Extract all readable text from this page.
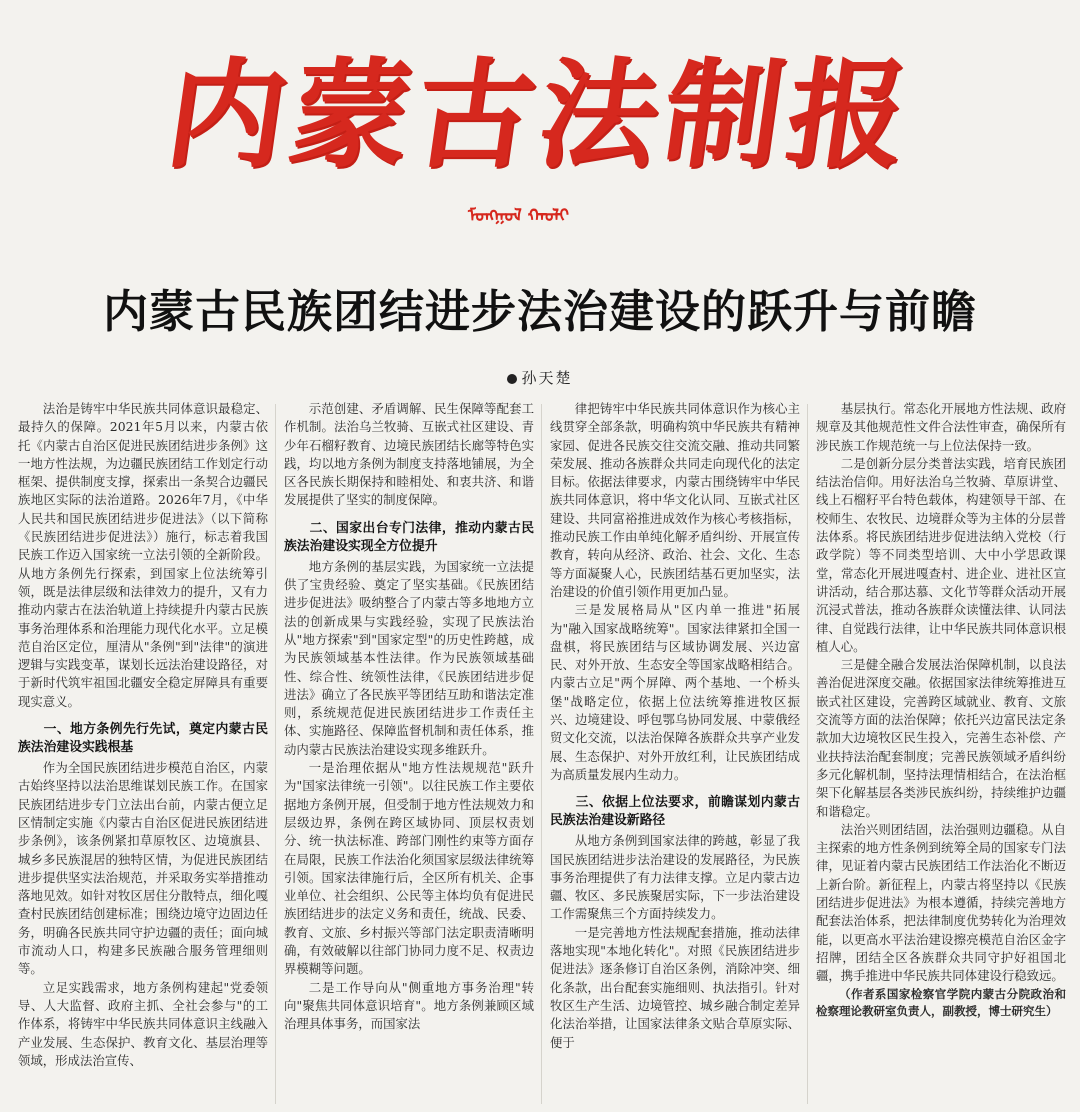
内蒙古法制报
ᠮᠣᠩᠭᠣᠯ ᠬᠠᠤᠯᠢ
内蒙古民族团结进步法治建设的跃升与前瞻
孙天楚

法治是铸牢中华民族共同体意识最稳定、最持久的保障。2021年5月以来，内蒙古依托《内蒙古自治区促进民族团结进步条例》这一地方性法规，为边疆民族团结工作划定行动框架、提供制度支撑，探索出一条契合边疆民族地区实际的法治道路。2026年7月，《中华人民共和国民族团结进步促进法》（以下简称《民族团结进步促进法》）施行，标志着我国民族工作迈入国家统一立法引领的全新阶段。从地方条例先行探索，到国家上位法统筹引领，既是法律层级和法律效力的提升，又有力推动内蒙古在法治轨道上持续提升内蒙古民族事务治理体系和治理能力现代化水平。立足模范自治区定位，厘清从"条例"到"法律"的演进逻辑与实践变革，谋划长远法治建设路径，对于新时代筑牢祖国北疆安全稳定屏障具有重要现实意义。

一、地方条例先行先试，奠定内蒙古民族法治建设实践根基

作为全国民族团结进步模范自治区，内蒙古始终坚持以法治思维谋划民族工作。在国家民族团结进步专门立法出台前，内蒙古便立足区情制定实施《内蒙古自治区促进民族团结进步条例》，该条例紧扣草原牧区、边境旗县、城乡多民族混居的独特区情，为促进民族团结进步提供坚实法治规范，并采取务实举措推动落地见效。如针对牧区居住分散特点，细化嘎查村民族团结创建标准；围绕边境守边固边任务，明确各民族共同守护边疆的责任；面向城市流动人口，构建多民族融合服务管理细则等。

立足实践需求，地方条例构建起"党委领导、人大监督、政府主抓、全社会参与"的工作体系，将铸牢中华民族共同体意识主线融入产业发展、生态保护、教育文化、基层治理等领域，形成法治宣传、

示范创建、矛盾调解、民生保障等配套工作机制。法治乌兰牧骑、互嵌式社区建设、青少年石榴籽教育、边境民族团结长廊等特色实践，均以地方条例为制度支持落地铺展，为全区各民族长期保持和睦相处、和衷共济、和谐发展提供了坚实的制度保障。

二、国家出台专门法律，推动内蒙古民族法治建设实现全方位提升

地方条例的基层实践，为国家统一立法提供了宝贵经验、奠定了坚实基础。《民族团结进步促进法》吸纳整合了内蒙古等多地地方立法的创新成果与实践经验，实现了民族法治从"地方探索"到"国家定型"的历史性跨越，成为民族领域基本性法律。作为民族领域基础性、综合性、统领性法律，《民族团结进步促进法》确立了各民族平等团结互助和谐法定准则，系统规范促进民族团结进步工作责任主体、实施路径、保障监督机制和责任体系，推动内蒙古民族法治建设实现多维跃升。

一是治理依据从"地方性法规规范"跃升为"国家法律统一引领"。以往民族工作主要依据地方条例开展，但受制于地方性法规效力和层级边界，条例在跨区域协同、顶层权责划分、统一执法标准、跨部门刚性约束等方面存在局限，民族工作法治化须国家层级法律统筹引领。国家法律施行后，全区所有机关、企事业单位、社会组织、公民等主体均负有促进民族团结进步的法定义务和责任，统战、民委、教育、文旅、乡村振兴等部门法定职责清晰明确，有效破解以往部门协同力度不足、权责边界模糊等问题。

二是工作导向从"侧重地方事务治理"转向"聚焦共同体意识培育"。地方条例兼顾区域治理具体事务，而国家法

律把铸牢中华民族共同体意识作为核心主线贯穿全部条款，明确构筑中华民族共有精神家园、促进各民族交往交流交融、推动共同繁荣发展、推动各族群众共同走向现代化的法定目标。依据法律要求，内蒙古围绕铸牢中华民族共同体意识，将中华文化认同、互嵌式社区建设、共同富裕推进成效作为核心考核指标，推动民族工作由单纯化解矛盾纠纷、开展宣传教育，转向从经济、政治、社会、文化、生态等方面凝聚人心，民族团结基石更加坚实，法治建设的价值引领作用更加凸显。

三是发展格局从"区内单一推进"拓展为"融入国家战略统筹"。国家法律紧扣全国一盘棋，将民族团结与区域协调发展、兴边富民、对外开放、生态安全等国家战略相结合。内蒙古立足"两个屏障、两个基地、一个桥头堡"战略定位，依据上位法统筹推进牧区振兴、边境建设、呼包鄂乌协同发展、中蒙俄经贸文化交流，以法治保障各族群众共享产业发展、生态保护、对外开放红利，让民族团结成为高质量发展内生动力。

三、依据上位法要求，前瞻谋划内蒙古民族法治建设新路径

从地方条例到国家法律的跨越，彰显了我国民族团结进步法治建设的发展路径，为民族事务治理提供了有力法律支撑。立足内蒙古边疆、牧区、多民族聚居实际，下一步法治建设工作需聚焦三个方面持续发力。

一是完善地方性法规配套措施，推动法律落地实现"本地化转化"。对照《民族团结进步促进法》逐条修订自治区条例，消除冲突、细化条款，出台配套实施细则、执法指引。针对牧区生产生活、边境管控、城乡融合制定差异化法治举措，让国家法律条文贴合草原实际、便于

基层执行。常态化开展地方性法规、政府规章及其他规范性文件合法性审查，确保所有涉民族工作规范统一与上位法保持一致。

二是创新分层分类普法实践，培育民族团结法治信仰。用好法治乌兰牧骑、草原讲堂、线上石榴籽平台特色载体，构建领导干部、在校师生、农牧民、边境群众等为主体的分层普法体系。将民族团结进步促进法纳入党校（行政学院）等不同类型培训、大中小学思政课堂，常态化开展进嘎查村、进企业、进社区宣讲活动，结合那达慕、文化节等群众活动开展沉浸式普法，推动各族群众读懂法律、认同法律、自觉践行法律，让中华民族共同体意识根植人心。

三是健全融合发展法治保障机制，以良法善治促进深度交融。依据国家法律统筹推进互嵌式社区建设，完善跨区域就业、教育、文旅交流等方面的法治保障；依托兴边富民法定条款加大边境牧区民生投入，完善生态补偿、产业扶持法治配套制度；完善民族领域矛盾纠纷多元化解机制，坚持法理情相结合，在法治框架下化解基层各类涉民族纠纷，持续维护边疆和谐稳定。

法治兴则团结固，法治强则边疆稳。从自主探索的地方性条例到统筹全局的国家专门法律，见证着内蒙古民族团结工作法治化不断迈上新台阶。新征程上，内蒙古将坚持以《民族团结进步促进法》为根本遵循，持续完善地方配套法治体系，把法律制度优势转化为治理效能，以更高水平法治建设擦亮模范自治区金字招牌，团结全区各族群众共同守护好祖国北疆，携手推进中华民族共同体建设行稳致远。

（作者系国家检察官学院内蒙古分院政治和检察理论教研室负责人，副教授，博士研究生）
